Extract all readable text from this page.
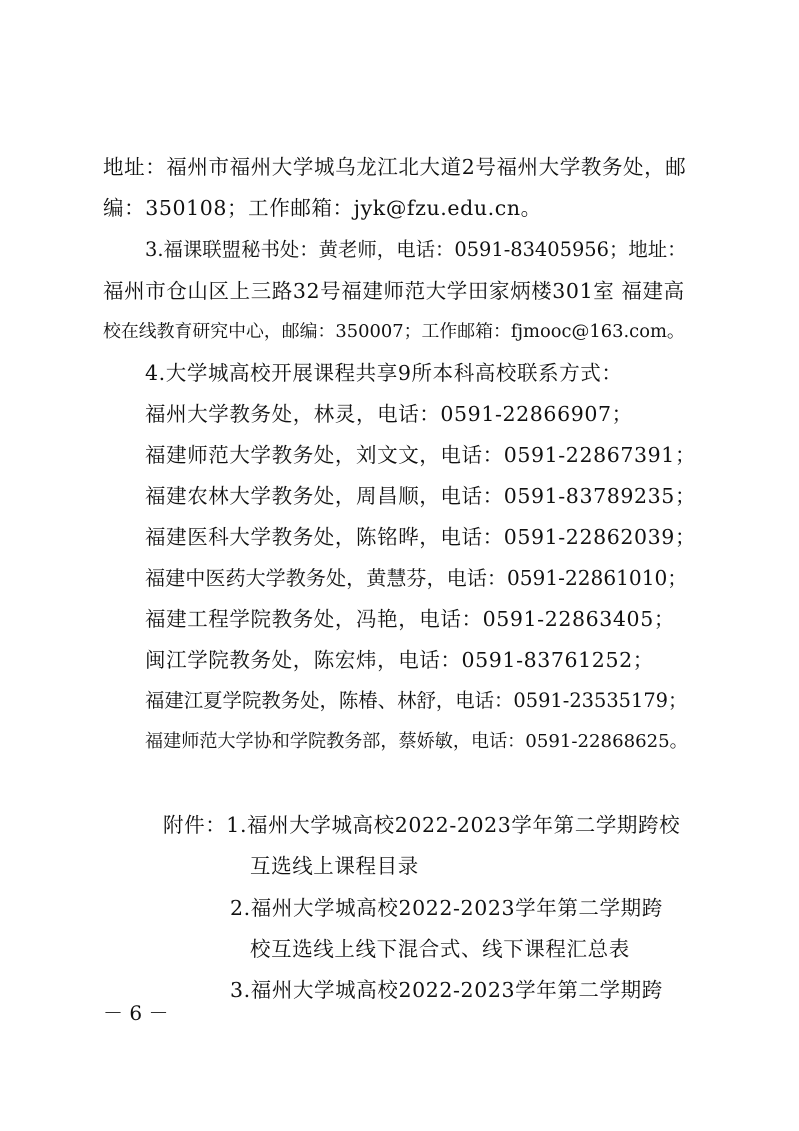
地址：福州市福州大学城乌龙江北大道2号福州大学教务处，邮
编：350108；工作邮箱：jyk@fzu.edu.cn。
3.福课联盟秘书处：黄老师，电话：0591-83405956；地址：
福州市仓山区上三路32号福建师范大学田家炳楼301室 福建高
校在线教育研究中心，邮编：350007；工作邮箱：fjmooc@163.com。
4.大学城高校开展课程共享9所本科高校联系方式：
福州大学教务处，林灵，电话：0591-22866907；
福建师范大学教务处，刘文文，电话：0591-22867391；
福建农林大学教务处，周昌顺，电话：0591-83789235；
福建医科大学教务处，陈铭晔，电话：0591-22862039；
福建中医药大学教务处，黄慧芬，电话：0591-22861010；
福建工程学院教务处，冯艳，电话：0591-22863405；
闽江学院教务处，陈宏炜，电话：0591-83761252；
福建江夏学院教务处，陈椿、林舒，电话：0591-23535179；
福建师范大学协和学院教务部，蔡娇敏，电话：0591-22868625。
附件：1.福州大学城高校2022-2023学年第二学期跨校
互选线上课程目录
2.福州大学城高校2022-2023学年第二学期跨
校互选线上线下混合式、线下课程汇总表
3.福州大学城高校2022-2023学年第二学期跨
－ 6 －
